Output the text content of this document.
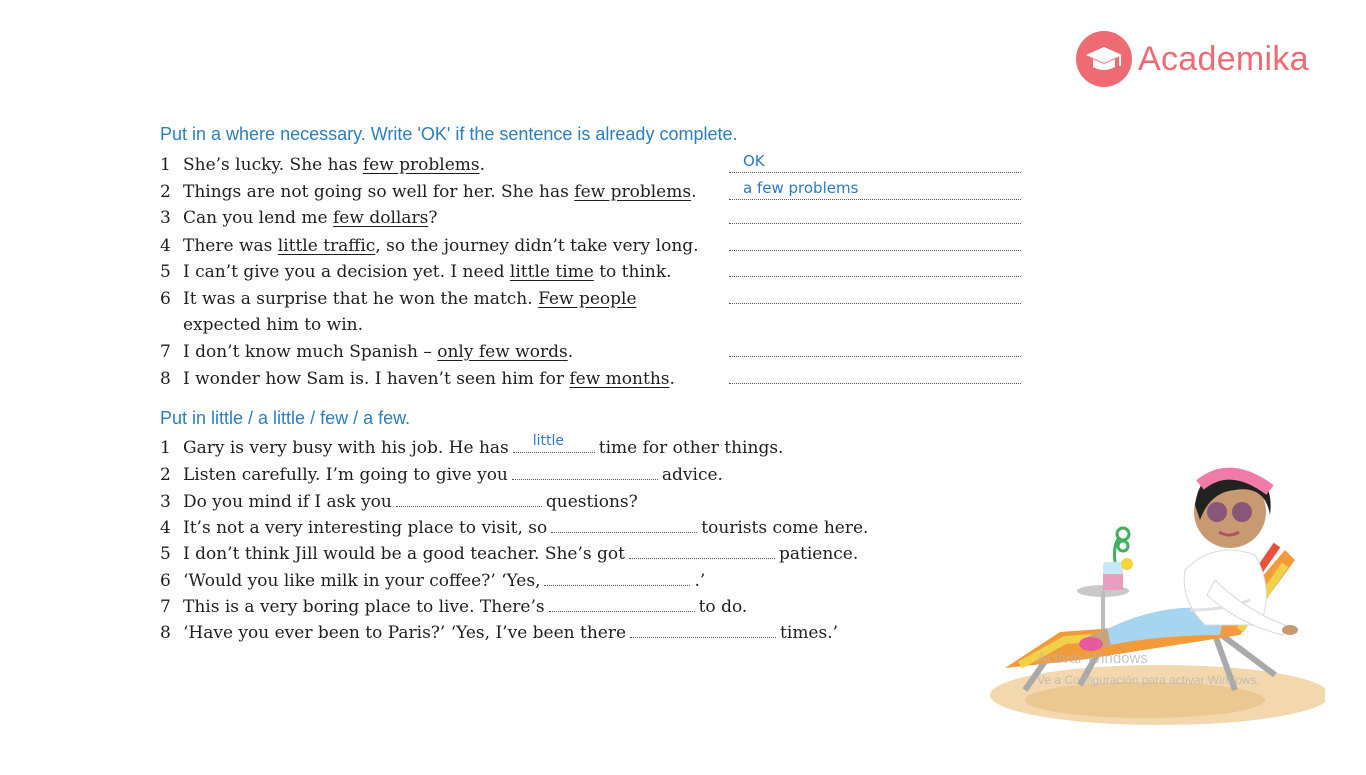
Academika
Put in a where necessary. Write 'OK' if the sentence is already complete.
1 She’s lucky. She has few problems.	OK
2 Things are not going so well for her. She has few problems.	a few problems
3 Can you lend me few dollars?
4 There was little traffic, so the journey didn’t take very long.
5 I can’t give you a decision yet. I need little time to think.
6 It was a surprise that he won the match. Few people
expected him to win.
7 I don’t know much Spanish – only few words.
8 I wonder how Sam is. I haven’t seen him for few months.
Put in little / a little / few / a few.
1 Gary is very busy with his job. He has little time for other things.
2 Listen carefully. I’m going to give you	advice.
3 Do you mind if I ask you	questions?
4 It’s not a very interesting place to visit, so	tourists come here.
5 I don’t think Jill would be a good teacher. She’s got	patience.
6 ‘Would you like milk in your coffee?’ ‘Yes,	.’
7 This is a very boring place to live. There’s	to do.
8 ‘Have you ever been to Paris?’ ‘Yes, I’ve been there	times.’
Activar Windows
Ve a Configuración para activar Windows.
